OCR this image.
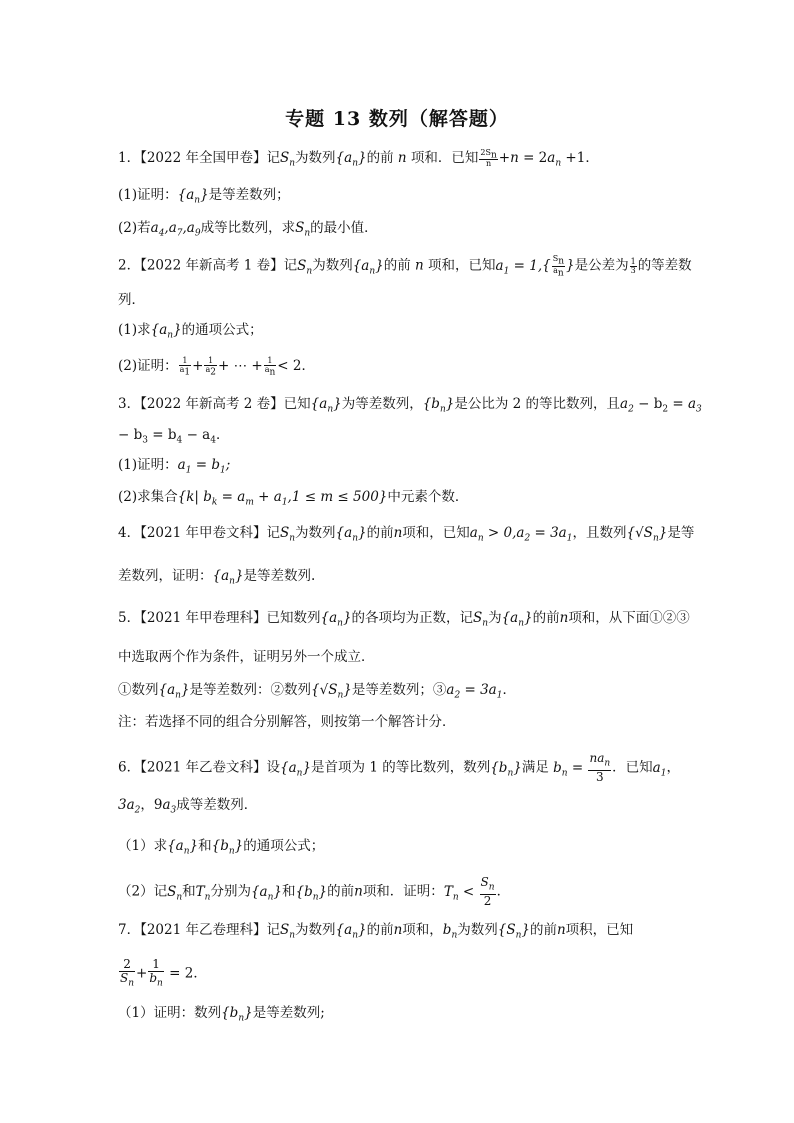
专题 13 数列（解答题）
1．【2022 年全国甲卷】记$S_n$为数列$\{a_n\}$的前 n 项和．已知 $\frac{2S_n}{n} +n = 2a_n +1$．
(1)证明：$\{a_n\}$是等差数列；
(2)若$a_4,a_7,a_9$成等比数列，求$S_n$的最小值．
2．【2022 年新高考 1 卷】记$S_n$为数列$\{a_n\}$的前 n 项和，已知$a_1 = 1,\{ \frac{S_n}{a_n}$ }是公差为 $\frac{1}{3}$ 的等差数
列．
(1)求$\{a_n\}$的通项公式；
(2)证明： $\frac{1}{a_1} + \frac{1}{a_2}$ + ⋯ + $\frac{1}{a_n} < 2$．
3．【2022 年新高考 2 卷】已知$\{a_n\}$为等差数列，$\{b_n\}$是公比为 2 的等比数列，且$a_2 - b_2 = a_3$
− $b_3 = b_4 - a_4$．
(1)证明：$a_1 = b_1$;
(2)求集合{k| $b_k = a_m + a_1,1 \le m \le 500$}中元素个数．
4．【2021 年甲卷文科】记$S_n$为数列$\{a_n\}$的前n项和，已知$a_n > 0,a_2 = 3a_1$，且数列$\{√S_n\}$是等
差数列，证明：$\{a_n\}$是等差数列.
5．【2021 年甲卷理科】已知数列$\{a_n\}$的各项均为正数，记$S_n$为$\{a_n\}$的前n项和，从下面①②③
中选取两个作为条件，证明另外一个成立．
①数列$\{a_n\}$是等差数列：②数列$\{√S_n\}$是等差数列；$③a_2 = 3a_1$．
注：若选择不同的组合分别解答，则按第一个解答计分．
6．【2021 年乙卷文科】设$\{a_n\}$是首项为 1 的等比数列，数列$\{b_n\}$满足 $b_n = \frac{na_n}{3}$ ．已知$a_1$，
$3a_2$，$9a_3$成等差数列．
（1）求$\{a_n\}$和$\{b_n\}$的通项公式；
（2）记$S_n$和$T_n$分别为$\{a_n\}$和$\{b_n\}$的前n项和．证明：$T_n < \frac{S_n}{2}$ ．
7．【2021 年乙卷理科】记$S_n$为数列$\{a_n\}$的前n项和，$b_n$为数列$\{S_n\}$的前n项积，已知
$\frac{2}{S_n} + \frac{1}{b_n} = 2$．
（1）证明：数列$\{b_n\}$是等差数列;
